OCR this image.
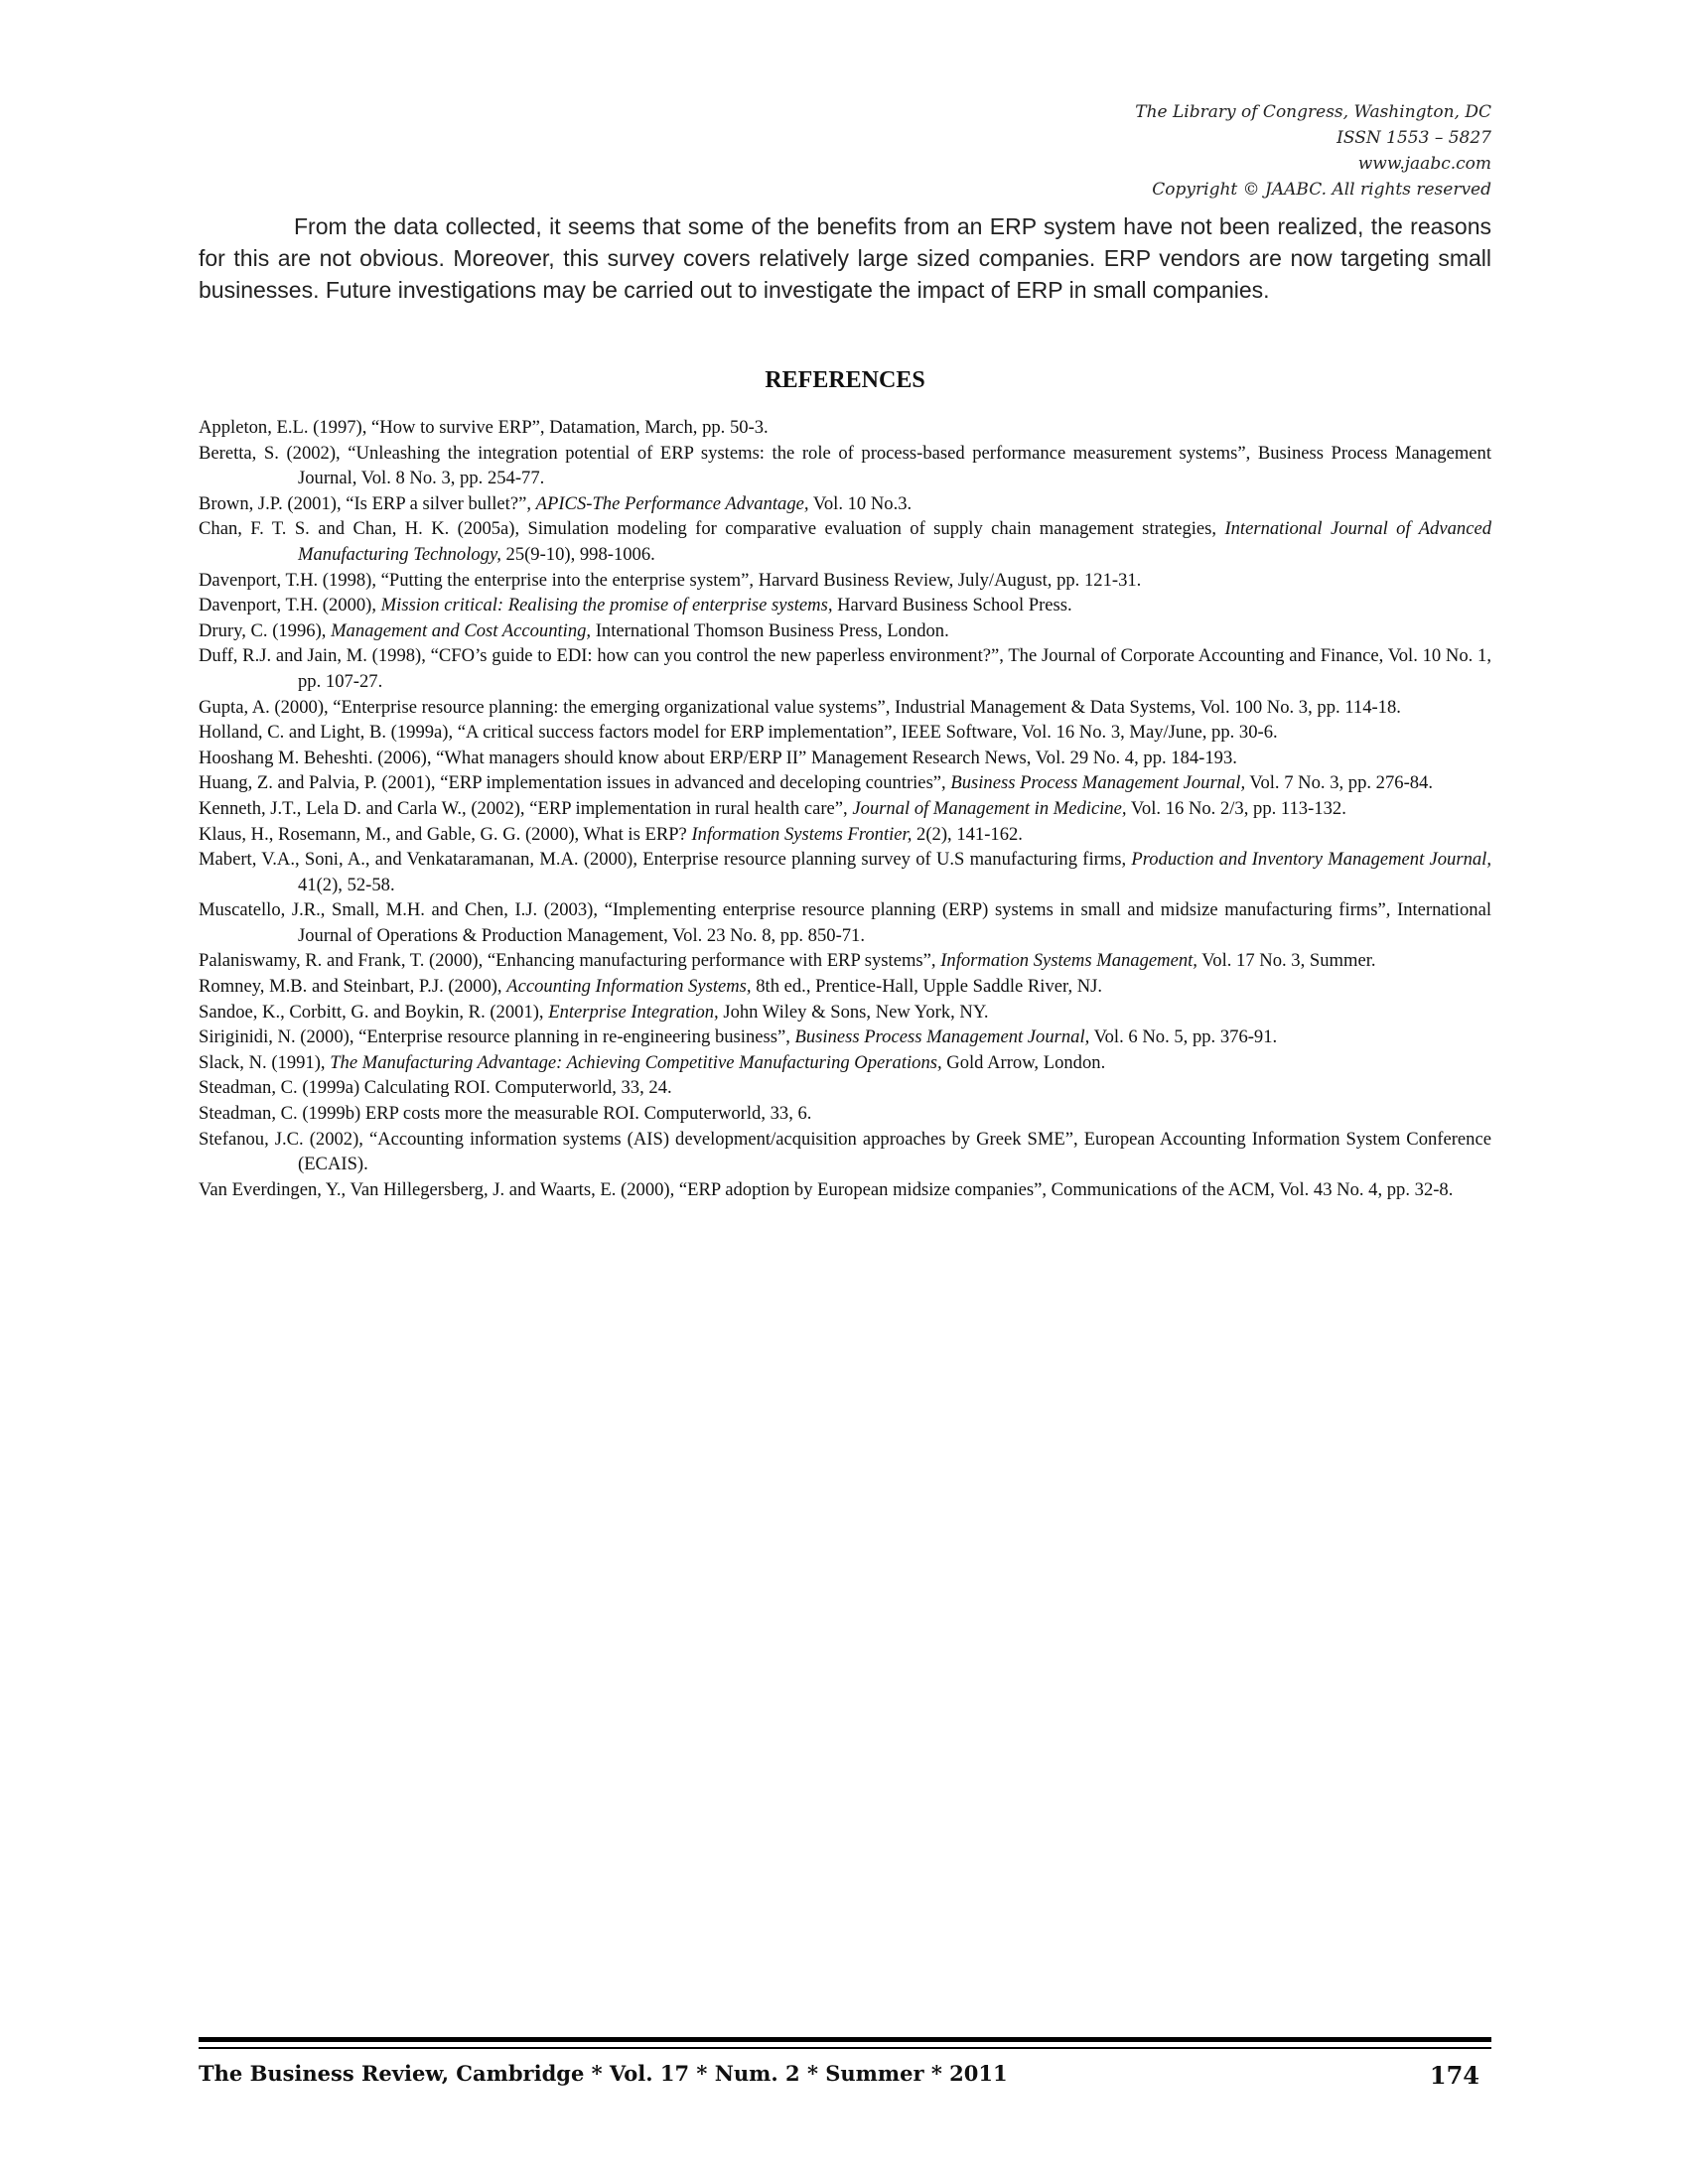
The Library of Congress, Washington, DC
ISSN 1553 – 5827
www.jaabc.com
Copyright © JAABC. All rights reserved

From the data collected, it seems that some of the benefits from an ERP system have not been realized, the reasons for this are not obvious. Moreover, this survey covers relatively large sized companies. ERP vendors are now targeting small businesses. Future investigations may be carried out to investigate the impact of ERP in small companies.

REFERENCES
Appleton, E.L. (1997), “How to survive ERP”, Datamation, March, pp. 50-3.
Beretta, S. (2002), “Unleashing the integration potential of ERP systems: the role of process-based performance measurement systems”, Business Process Management Journal, Vol. 8 No. 3, pp. 254-77.
Brown, J.P. (2001), “Is ERP a silver bullet?”, APICS-The Performance Advantage, Vol. 10 No.3.
Chan, F. T. S. and Chan, H. K. (2005a), Simulation modeling for comparative evaluation of supply chain management strategies, International Journal of Advanced Manufacturing Technology, 25(9-10), 998-1006.
Davenport, T.H. (1998), “Putting the enterprise into the enterprise system”, Harvard Business Review, July/August, pp. 121-31.
Davenport, T.H. (2000), Mission critical: Realising the promise of enterprise systems, Harvard Business School Press.
Drury, C. (1996), Management and Cost Accounting, International Thomson Business Press, London.
Duff, R.J. and Jain, M. (1998), “CFO’s guide to EDI: how can you control the new paperless environment?”, The Journal of Corporate Accounting and Finance, Vol. 10 No. 1, pp. 107-27.
Gupta, A. (2000), “Enterprise resource planning: the emerging organizational value systems”, Industrial Management & Data Systems, Vol. 100 No. 3, pp. 114-18.
Holland, C. and Light, B. (1999a), “A critical success factors model for ERP implementation”, IEEE Software, Vol. 16 No. 3, May/June, pp. 30-6.
Hooshang M. Beheshti. (2006), “What managers should know about ERP/ERP II” Management Research News, Vol. 29 No. 4, pp. 184-193.
Huang, Z. and Palvia, P. (2001), “ERP implementation issues in advanced and deceloping countries”, Business Process Management Journal, Vol. 7 No. 3, pp. 276-84.
Kenneth, J.T., Lela D. and Carla W., (2002), “ERP implementation in rural health care”, Journal of Management in Medicine, Vol. 16 No. 2/3, pp. 113-132.
Klaus, H., Rosemann, M., and Gable, G. G. (2000), What is ERP? Information Systems Frontier, 2(2), 141-162.
Mabert, V.A., Soni, A., and Venkataramanan, M.A. (2000), Enterprise resource planning survey of U.S manufacturing firms, Production and Inventory Management Journal, 41(2), 52-58.
Muscatello, J.R., Small, M.H. and Chen, I.J. (2003), “Implementing enterprise resource planning (ERP) systems in small and midsize manufacturing firms”, International Journal of Operations & Production Management, Vol. 23 No. 8, pp. 850-71.
Palaniswamy, R. and Frank, T. (2000), “Enhancing manufacturing performance with ERP systems”, Information Systems Management, Vol. 17 No. 3, Summer.
Romney, M.B. and Steinbart, P.J. (2000), Accounting Information Systems, 8th ed., Prentice-Hall, Upple Saddle River, NJ.
Sandoe, K., Corbitt, G. and Boykin, R. (2001), Enterprise Integration, John Wiley & Sons, New York, NY.
Siriginidi, N. (2000), “Enterprise resource planning in re-engineering business”, Business Process Management Journal, Vol. 6 No. 5, pp. 376-91.
Slack, N. (1991), The Manufacturing Advantage: Achieving Competitive Manufacturing Operations, Gold Arrow, London.
Steadman, C. (1999a) Calculating ROI. Computerworld, 33, 24.
Steadman, C. (1999b) ERP costs more the measurable ROI. Computerworld, 33, 6.
Stefanou, J.C. (2002), “Accounting information systems (AIS) development/acquisition approaches by Greek SME”, European Accounting Information System Conference (ECAIS).
Van Everdingen, Y., Van Hillegersberg, J. and Waarts, E. (2000), “ERP adoption by European midsize companies”, Communications of the ACM, Vol. 43 No. 4, pp. 32-8.
The Business Review, Cambridge * Vol. 17 * Num. 2 * Summer * 2011	174
